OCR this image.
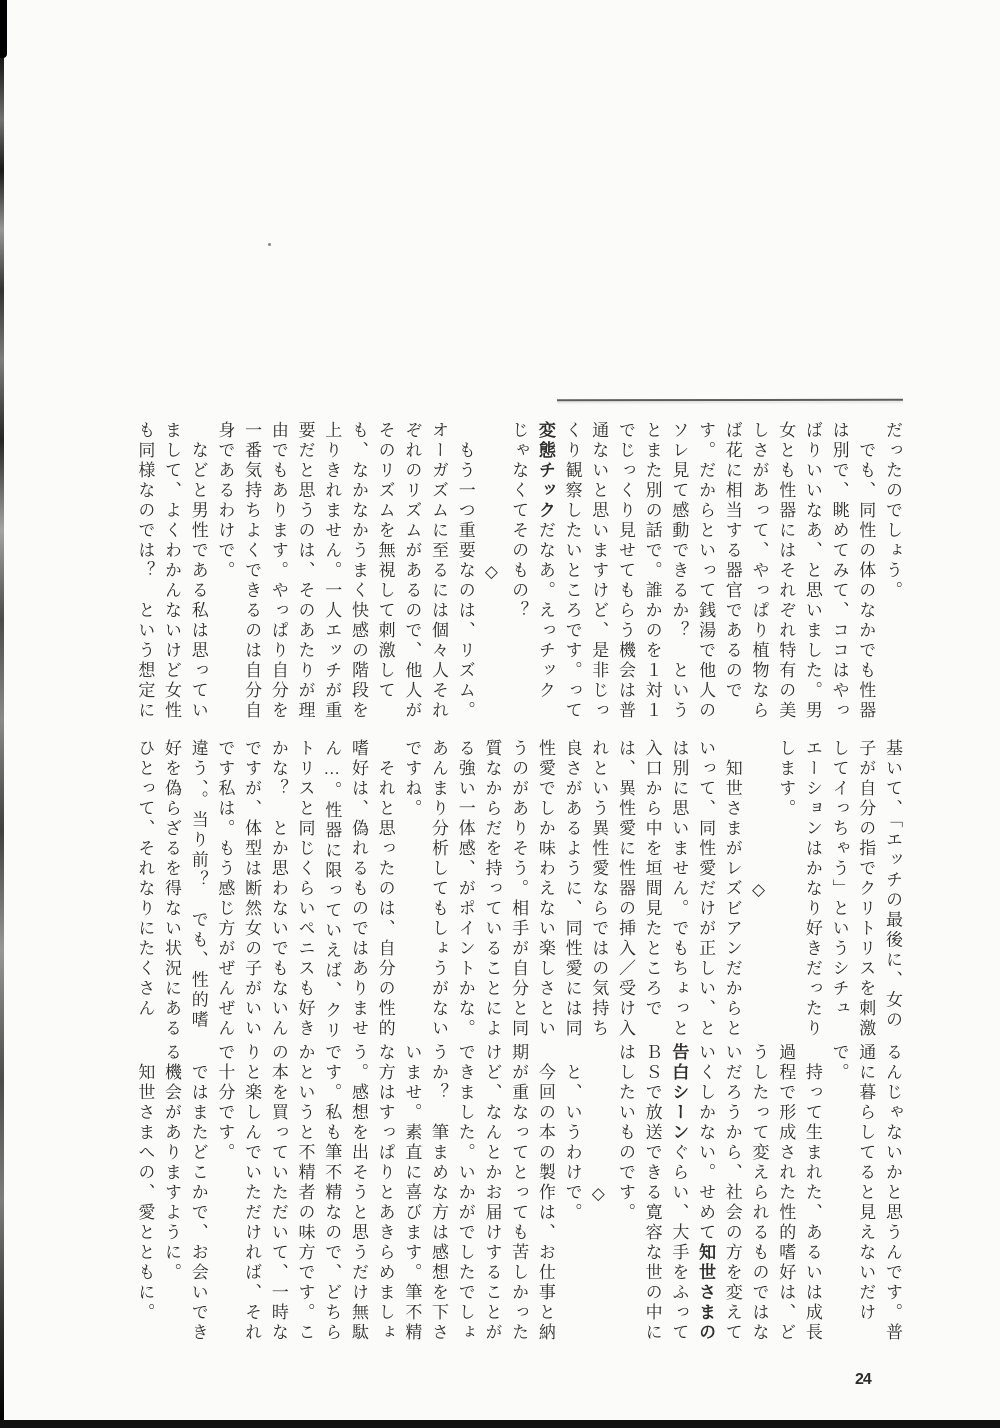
だったのでしょう。
　でも、同性の体のなかでも性器
は別で、眺めてみて、ココはやっ
ばりいいなあ、と思いました。男
女とも性器にはそれぞれ特有の美
しさがあって、やっぱり植物なら
ば花に相当する器官であるので
す。だからといって銭湯で他人の
ソレ見て感動できるか？　という
とまた別の話で。誰かのを１対１
でじっくり見せてもらう機会は普
通ないと思いますけど、是非じっ
くり観察したいところです。って
変態チックだなあ。えっチック
じゃなくてそのもの？
◇
　もう一つ重要なのは、リズム。
オーガズムに至るには個々人それ
ぞれのリズムがあるので、他人が
そのリズムを無視して刺激して
も、なかなかうまく快感の階段を
上りきれません。一人エッチが重
要だと思うのは、そのあたりが理
由でもあります。やっぱり自分を
一番気持ちよくできるのは自分自
身であるわけで。
　などと男性である私は思ってい
まして、よくわかんないけど女性
も同様なのでは？　という想定に
基いて、「エッチの最後に、女の
子が自分の指でクリトリスを刺激
してイっちゃう」というシチュ
エーションはかなり好きだったり
します。
◇
　知世さまがレズビアンだからと
いって、同性愛だけが正しい、と
は別に思いません。でもちょっと
入口から中を垣間見たところで
は、異性愛に性器の挿入／受け入
れという異性愛ならではの気持ち
良さがあるように、同性愛には同
性愛でしか味わえない楽しさとい
うのがありそう。相手が自分と同
質なからだを持っていることによ
る強い一体感、がポイントかな。
あんまり分析してもしょうがない
ですね。
　それと思ったのは、自分の性的
嗜好は、偽れるものではありませ
ん…。性器に限っていえば、クリ
トリスと同じくらいペニスも好き
かな？　とか思わないでもないん
ですが、体型は断然女の子がいい
です私は。もう感じ方がぜんぜん
違う、。当り前？　でも、性的嗜
好を偽らざるを得ない状況にある
ひとって、それなりにたくさん
るんじゃないかと思うんです。普
通に暮らしてると見えないだけ
で。
　持って生まれた、あるいは成長
過程で形成された性的嗜好は、ど
うしたって変えられるものではな
いだろうから、社会の方を変えて
いくしかない。せめて知世さまの
告白シーンぐらい、大手をふって
ＢＳで放送できる寛容な世の中に
はしたいものです。
◇
　と、いうわけで。
　今回の本の製作は、お仕事と納
期が重なってとっても苦しかった
けど、なんとかお届けすることが
できました。いかがでしたでしょ
うか？　筆まめな方は感想を下さ
いませ。素直に喜びます。筆不精
な方はすっぱりとあきらめましょ
う。感想を出そうと思うだけ無駄
です。私も筆不精なので、どちら
かというと不精者の味方です。こ
の本を買っていただいて、一時な
りと楽しんでいただければ、それ
で十分です。
　ではまたどこかで、お会いでき
る機会がありますように。
　知世さまへの、愛とともに。
24
